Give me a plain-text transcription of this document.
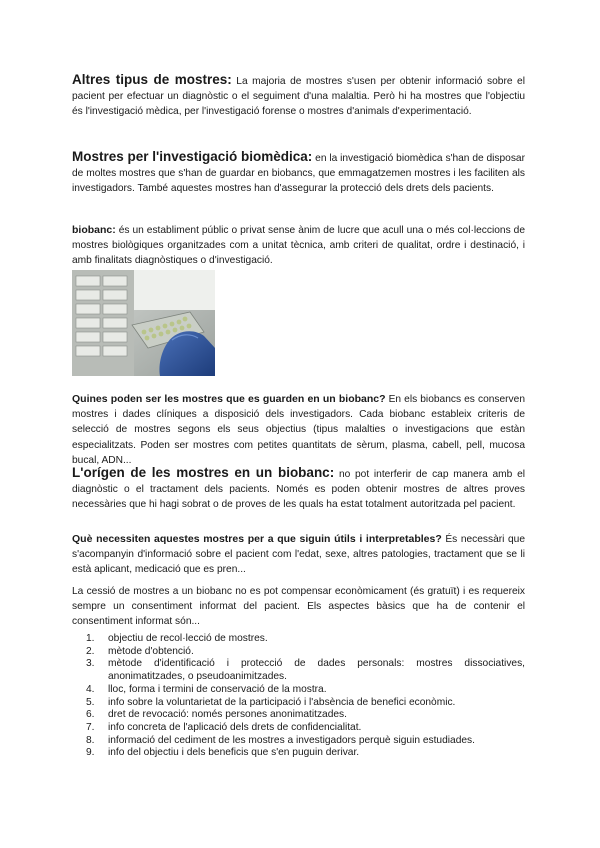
Altres tipus de mostres: La majoria de mostres s'usen per obtenir informació sobre el pacient per efectuar un diagnòstic o el seguiment d'una malaltia. Però hi ha mostres que l'objectiu és l'investigació mèdica, per l'investigació forense o mostres d'animals d'experimentació.

Mostres per l'investigació biomèdica: en la investigació biomèdica s'han de disposar de moltes mostres que s'han de guardar en biobancs, que emmagatzemen mostres i les faciliten als investigadors. També aquestes mostres han d'assegurar la protecció dels drets dels pacients.

biobanc: és un establiment públic o privat sense ànim de lucre que acull una o més col·leccions de mostres biològiques organitzades com a unitat tècnica, amb criteri de qualitat, ordre i destinació, i amb finalitats diagnòstiques o d'investigació.

Quines poden ser les mostres que es guarden en un biobanc? En els biobancs es conserven mostres i dades clíniques a disposició dels investigadors. Cada biobanc estableix criteris de selecció de mostres segons els seus objectius (tipus malalties o investigacions que estàn especialitzats. Poden ser mostres com petites quantitats de sèrum, plasma, cabell, pell, mucosa bucal, ADN...

L'orígen de les mostres en un biobanc: no pot interferir de cap manera amb el diagnòstic o el tractament dels pacients. Només es poden obtenir mostres de altres proves necessàries que hi hagi sobrat o de proves de les quals ha estat totalment autoritzada pel pacient.

Què necessiten aquestes mostres per a que siguin útils i interpretables? És necessàri que s'acompanyin d'informació sobre el pacient com l'edat, sexe, altres patologies, tractament que se li està aplicant, medicació que es pren...

La cessió de mostres a un biobanc no es pot compensar econòmicament (és gratuït) i es requereix sempre un consentiment informat del pacient. Els aspectes bàsics que ha de contenir el consentiment informat són...

1. objectiu de recol·lecció de mostres.
2. mètode d'obtenció.
3. mètode d'identificació i protecció de dades personals: mostres dissociatives, anonimatitzades, o pseudoanimitzades.
4. lloc, forma i termini de conservació de la mostra.
5. info sobre la voluntarietat de la participació i l'absència de benefici econòmic.
6. dret de revocació: només persones anonimatitzades.
7. info concreta de l'aplicació dels drets de confidencialitat.
8. informació del cediment de les mostres a investigadors perquè siguin estudiades.
9. info del objectiu i dels beneficis que s'en puguin derivar.
